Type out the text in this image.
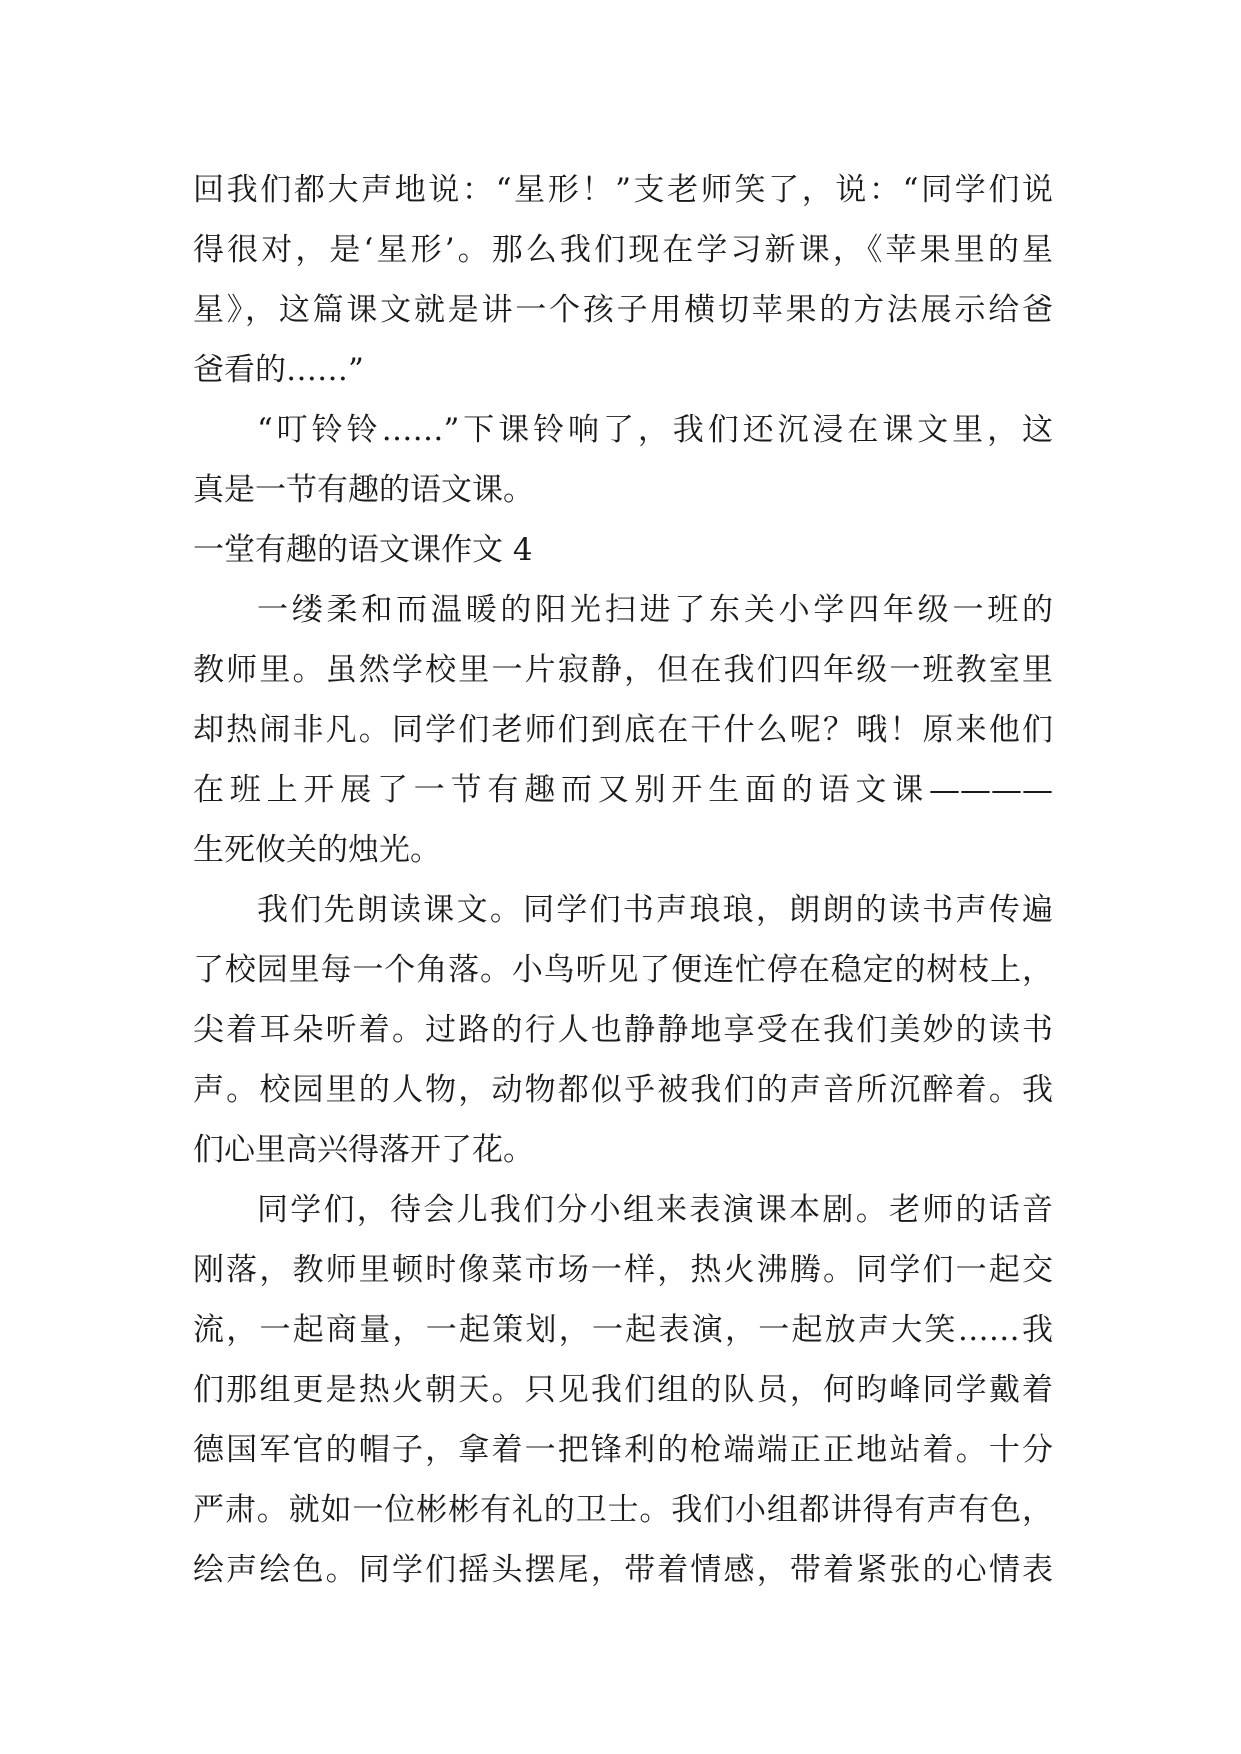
回我们都大声地说：“星形！”支老师笑了，说：“同学们说
得很对，是‘星形’。那么我们现在学习新课，《苹果里的星
星》，这篇课文就是讲一个孩子用横切苹果的方法展示给爸
爸看的……”
“叮铃铃……”下课铃响了，我们还沉浸在课文里，这
真是一节有趣的语文课。
一堂有趣的语文课作文 4
一缕柔和而温暖的阳光扫进了东关小学四年级一班的
教师里。虽然学校里一片寂静，但在我们四年级一班教室里
却热闹非凡。同学们老师们到底在干什么呢？哦！原来他们
在班上开展了一节有趣而又别开生面的语文课————
生死攸关的烛光。
我们先朗读课文。同学们书声琅琅，朗朗的读书声传遍
了校园里每一个角落。小鸟听见了便连忙停在稳定的树枝上，
尖着耳朵听着。过路的行人也静静地享受在我们美妙的读书
声。校园里的人物，动物都似乎被我们的声音所沉醉着。我
们心里高兴得落开了花。
同学们，待会儿我们分小组来表演课本剧。老师的话音
刚落，教师里顿时像菜市场一样，热火沸腾。同学们一起交
流，一起商量，一起策划，一起表演，一起放声大笑……我
们那组更是热火朝天。只见我们组的队员，何昀峰同学戴着
德国军官的帽子，拿着一把锋利的枪端端正正地站着。十分
严肃。就如一位彬彬有礼的卫士。我们小组都讲得有声有色，
绘声绘色。同学们摇头摆尾，带着情感，带着紧张的心情表
